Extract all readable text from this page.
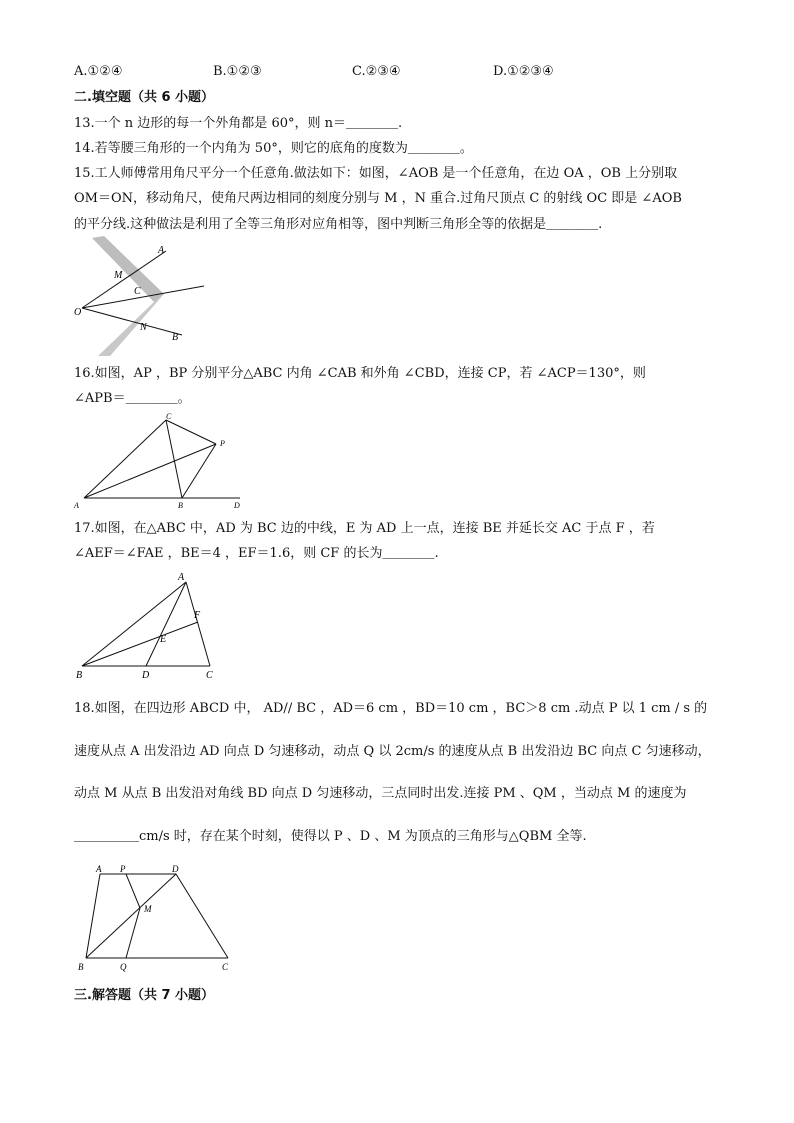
A.①②④	B.①②③	C.②③④	D.①②③④
二.填空题（共 6 小题）
13.一个 n 边形的每一个外角都是 60°，则 n＝＿＿＿＿.
14.若等腰三角形的一个内角为 50°，则它的底角的度数为＿＿＿＿。
15.工人师傅常用角尺平分一个任意角.做法如下：如图，∠AOB 是一个任意角，在边 OA ，OB 上分别取
OM＝ON，移动角尺，使角尺两边相同的刻度分别与 M ，N 重合.过角尺顶点 C 的射线 OC 即是 ∠AOB
的平分线.这种做法是利用了全等三角形对应角相等，图中判断三角形全等的依据是＿＿＿＿.
A
M
C
O
N
B
16.如图，AP ，BP 分别平分△ABC 内角 ∠CAB 和外角 ∠CBD，连接 CP，若 ∠ACP＝130°，则
∠APB＝＿＿＿＿。
A	B
C
D
P
17.如图，在△ABC 中，AD 为 BC 边的中线，E 为 AD 上一点，连接 BE 并延长交 AC 于点 F ，若
∠AEF＝∠FAE ，BE＝4 ，EF＝1.6，则 CF 的长为＿＿＿＿.
A
B	D	C
E
F
18.如图，在四边形 ABCD 中， AD// BC ，AD＝6 cm ，BD＝10 cm ，BC＞8 cm .动点 P 以 1 cm / s 的
速度从点 A 出发沿边 AD 向点 D 匀速移动，动点 Q 以 2cm/s 的速度从点 B 出发沿边 BC 向点 C 匀速移动，
动点 M 从点 B 出发沿对角线 BD 向点 D 匀速移动，三点同时出发.连接 PM 、QM ，当动点 M 的速度为
＿＿＿＿＿cm/s 时，存在某个时刻，使得以 P 、D 、M 为顶点的三角形与△QBM 全等.
A P	D
M
B	Q	C
三.解答题（共 7 小题）
